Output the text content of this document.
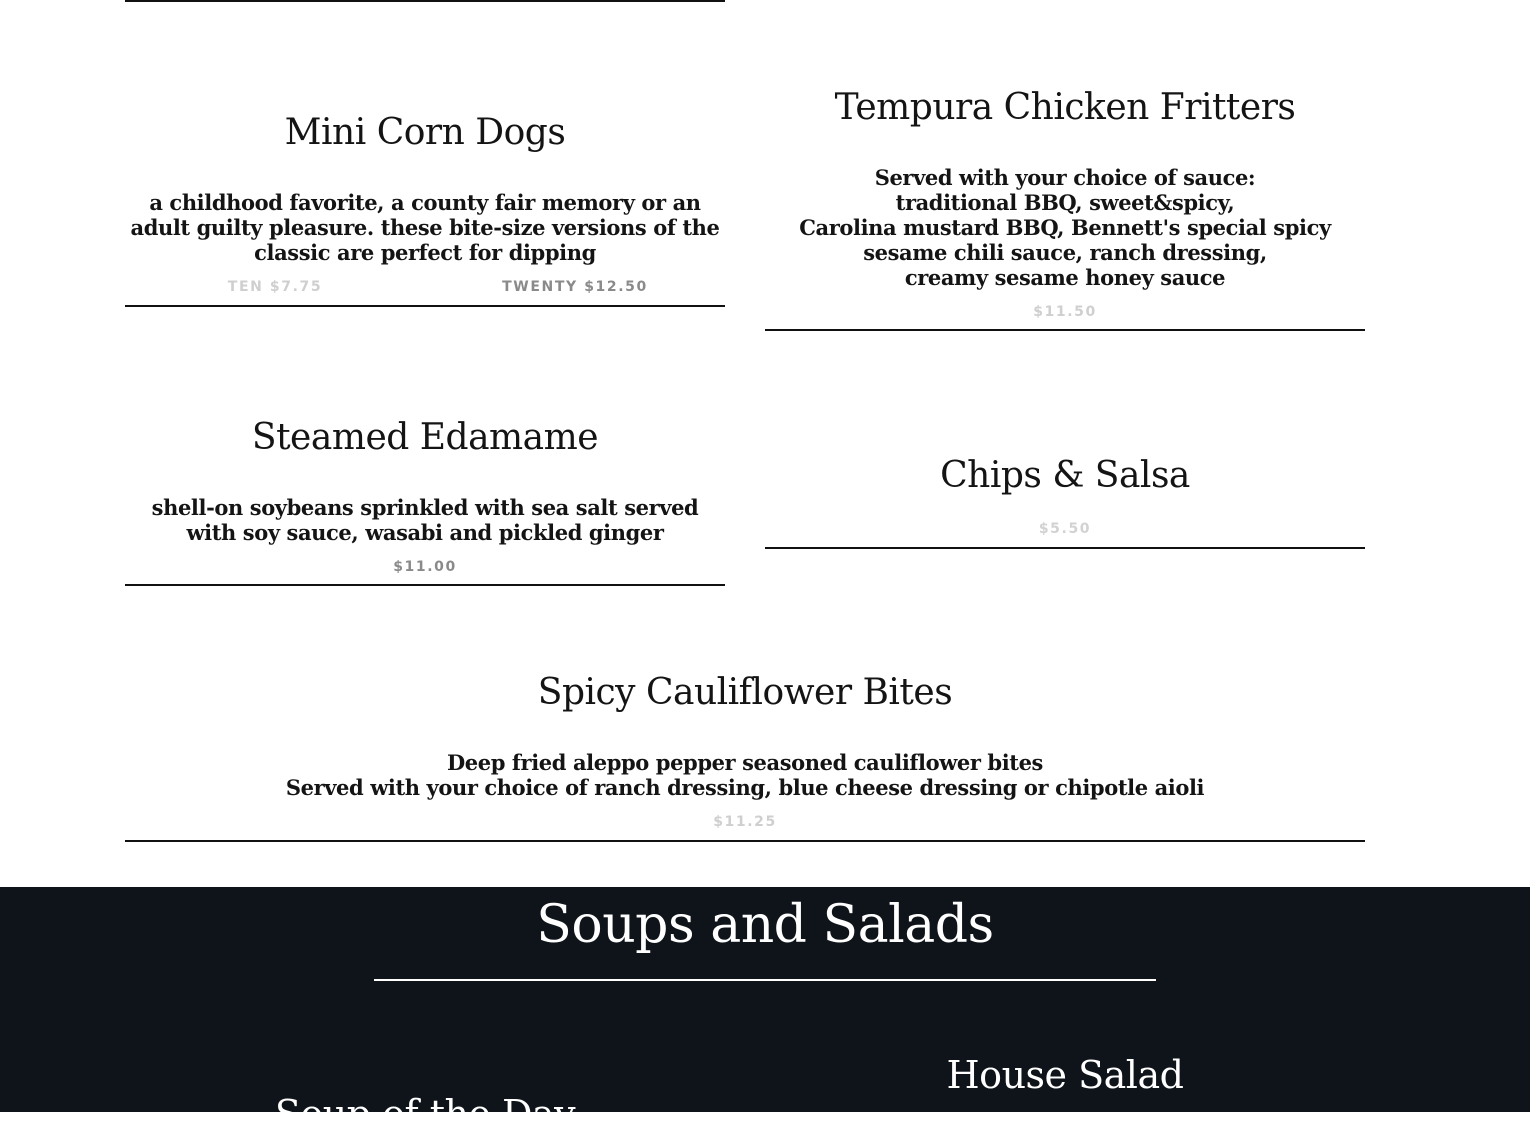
Mini Corn Dogs
a childhood favorite, a county fair memory or an
adult guilty pleasure. these bite-size versions of the
classic are perfect for dipping
TEN $7.75	TWENTY $12.50
Tempura Chicken Fritters
Served with your choice of sauce:
traditional BBQ, sweet&spicy,
Carolina mustard BBQ, Bennett's special spicy
sesame chili sauce, ranch dressing,
creamy sesame honey sauce
$11.50
Steamed Edamame
shell-on soybeans sprinkled with sea salt served
with soy sauce, wasabi and pickled ginger
$11.00
Chips & Salsa
$5.50
Spicy Cauliflower Bites
Deep fried aleppo pepper seasoned cauliflower bites
Served with your choice of ranch dressing, blue cheese dressing or chipotle aioli
$11.25
Soups and Salads
Soup of the Day
House Salad
